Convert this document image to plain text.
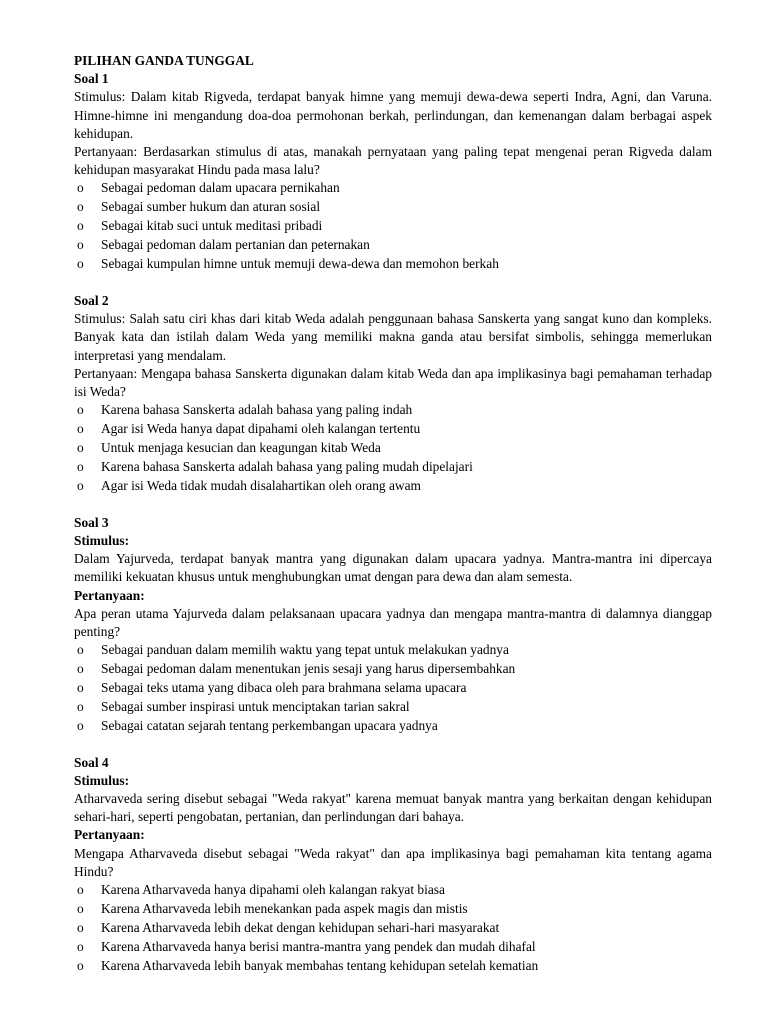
PILIHAN GANDA TUNGGAL

Soal 1

Stimulus: Dalam kitab Rigveda, terdapat banyak himne yang memuji dewa-dewa seperti Indra, Agni, dan Varuna. Himne-himne ini mengandung doa-doa permohonan berkah, perlindungan, dan kemenangan dalam berbagai aspek kehidupan.

Pertanyaan: Berdasarkan stimulus di atas, manakah pernyataan yang paling tepat mengenai peran Rigveda dalam kehidupan masyarakat Hindu pada masa lalu?

o Sebagai pedoman dalam upacara pernikahan
o Sebagai sumber hukum dan aturan sosial
o Sebagai kitab suci untuk meditasi pribadi
o Sebagai pedoman dalam pertanian dan peternakan
o Sebagai kumpulan himne untuk memuji dewa-dewa dan memohon berkah

Soal 2

Stimulus: Salah satu ciri khas dari kitab Weda adalah penggunaan bahasa Sanskerta yang sangat kuno dan kompleks. Banyak kata dan istilah dalam Weda yang memiliki makna ganda atau bersifat simbolis, sehingga memerlukan interpretasi yang mendalam.

Pertanyaan: Mengapa bahasa Sanskerta digunakan dalam kitab Weda dan apa implikasinya bagi pemahaman terhadap isi Weda?

o Karena bahasa Sanskerta adalah bahasa yang paling indah
o Agar isi Weda hanya dapat dipahami oleh kalangan tertentu
o Untuk menjaga kesucian dan keagungan kitab Weda
o Karena bahasa Sanskerta adalah bahasa yang paling mudah dipelajari
o Agar isi Weda tidak mudah disalahartikan oleh orang awam

Soal 3

Stimulus:

Dalam Yajurveda, terdapat banyak mantra yang digunakan dalam upacara yadnya. Mantra-mantra ini dipercaya memiliki kekuatan khusus untuk menghubungkan umat dengan para dewa dan alam semesta.

Pertanyaan:

Apa peran utama Yajurveda dalam pelaksanaan upacara yadnya dan mengapa mantra-mantra di dalamnya dianggap penting?

o Sebagai panduan dalam memilih waktu yang tepat untuk melakukan yadnya
o Sebagai pedoman dalam menentukan jenis sesaji yang harus dipersembahkan
o Sebagai teks utama yang dibaca oleh para brahmana selama upacara
o Sebagai sumber inspirasi untuk menciptakan tarian sakral
o Sebagai catatan sejarah tentang perkembangan upacara yadnya

Soal 4

Stimulus:

Atharvaveda sering disebut sebagai "Weda rakyat" karena memuat banyak mantra yang berkaitan dengan kehidupan sehari-hari, seperti pengobatan, pertanian, dan perlindungan dari bahaya.

Pertanyaan:

Mengapa Atharvaveda disebut sebagai "Weda rakyat" dan apa implikasinya bagi pemahaman kita tentang agama Hindu?

o Karena Atharvaveda hanya dipahami oleh kalangan rakyat biasa
o Karena Atharvaveda lebih menekankan pada aspek magis dan mistis
o Karena Atharvaveda lebih dekat dengan kehidupan sehari-hari masyarakat
o Karena Atharvaveda hanya berisi mantra-mantra yang pendek dan mudah dihafal
o Karena Atharvaveda lebih banyak membahas tentang kehidupan setelah kematian
